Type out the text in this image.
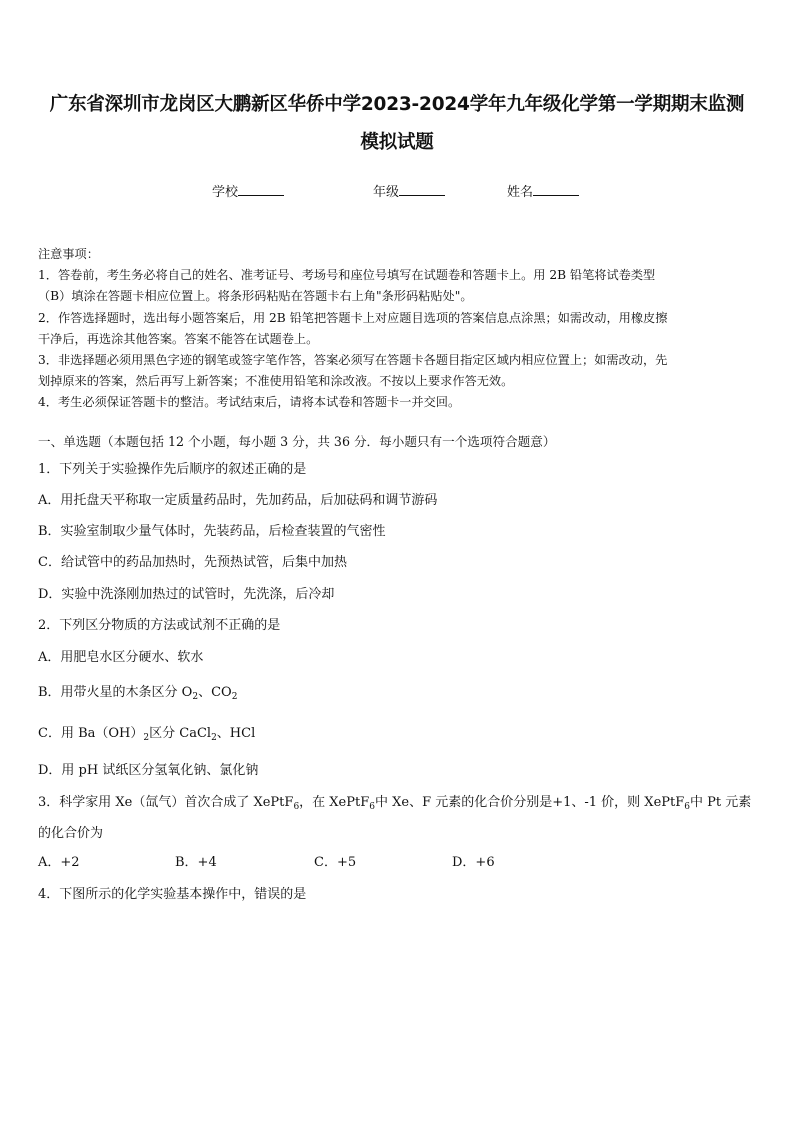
广东省深圳市龙岗区大鹏新区华侨中学2023-2024学年九年级化学第一学期期末监测
模拟试题
学校	年级	姓名
注意事项：
1．答卷前，考生务必将自己的姓名、准考证号、考场号和座位号填写在试题卷和答题卡上。用 2B 铅笔将试卷类型
（B）填涂在答题卡相应位置上。将条形码粘贴在答题卡右上角"条形码粘贴处"。
2．作答选择题时，选出每小题答案后，用 2B 铅笔把答题卡上对应题目选项的答案信息点涂黑；如需改动，用橡皮擦
干净后，再选涂其他答案。答案不能答在试题卷上。
3．非选择题必须用黑色字迹的钢笔或签字笔作答，答案必须写在答题卡各题目指定区域内相应位置上；如需改动，先
划掉原来的答案，然后再写上新答案；不准使用铅笔和涂改液。不按以上要求作答无效。
4．考生必须保证答题卡的整洁。考试结束后，请将本试卷和答题卡一并交回。
一、单选题（本题包括 12 个小题，每小题 3 分，共 36 分．每小题只有一个选项符合题意）
1．下列关于实验操作先后顺序的叙述正确的是
A．用托盘天平称取一定质量药品时，先加药品，后加砝码和调节游码
B．实验室制取少量气体时，先装药品，后检查装置的气密性
C．给试管中的药品加热时，先预热试管，后集中加热
D．实验中洗涤刚加热过的试管时，先洗涤，后冷却
2．下列区分物质的方法或试剂不正确的是
A．用肥皂水区分硬水、软水
B．用带火星的木条区分 $O_2$、$CO_2$
C．用 $Ba(OH)_2$区分 CaCl$_2$、HCl
D．用 pH 试纸区分氢氧化钠、氯化钠
3．科学家用 Xe（氙气）首次合成了 XePtF$_6$，在 XePtF$_6$中 Xe、F 元素的化合价分别是+1、-1 价，则 XePtF$_6$中 Pt 元素
的化合价为
A．+2	B．+4	C．+5	D．+6
4．下图所示的化学实验基本操作中，错误的是
